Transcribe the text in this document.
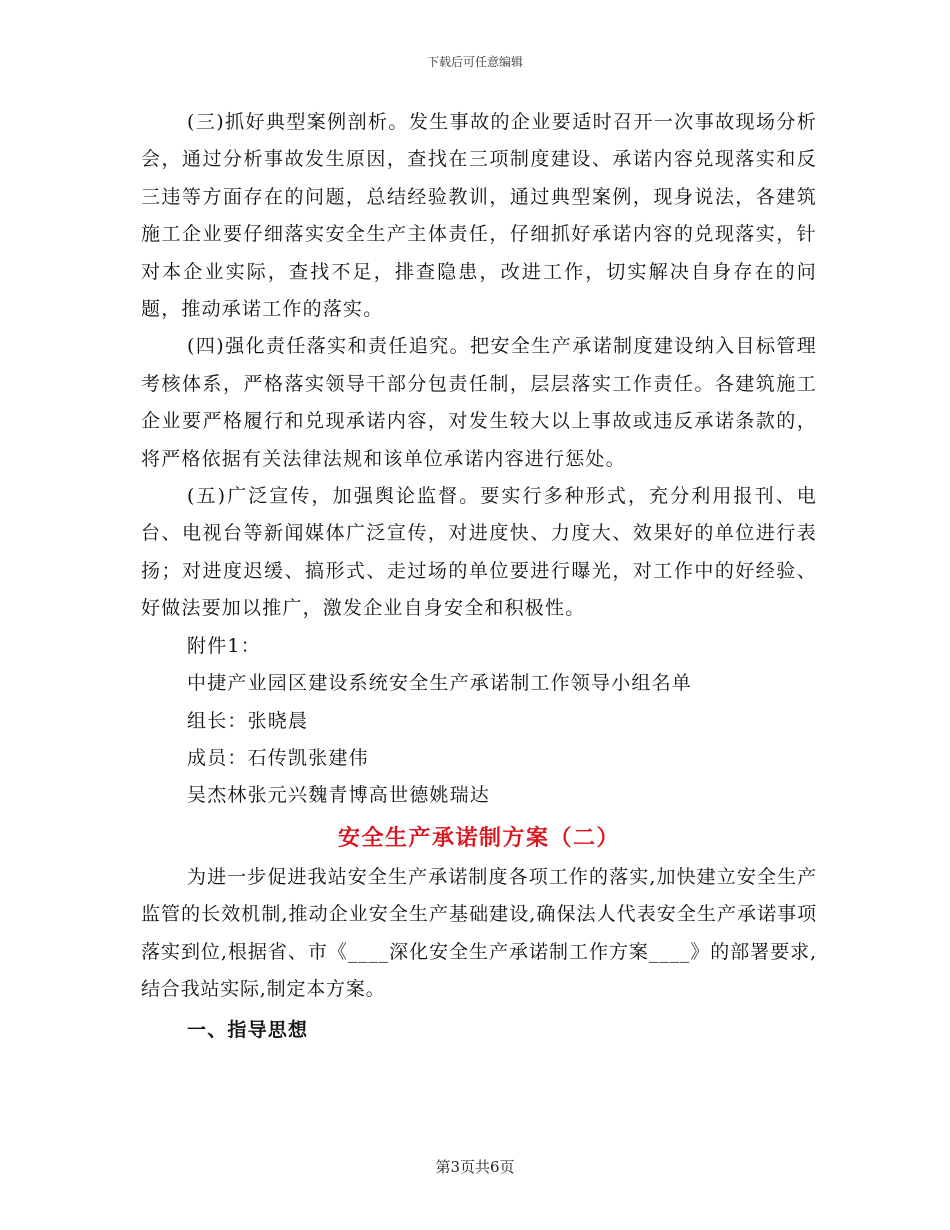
下载后可任意编辑

(三)抓好典型案例剖析。发生事故的企业要适时召开一次事故现场分析会，通过分析事故发生原因，查找在三项制度建设、承诺内容兑现落实和反三违等方面存在的问题，总结经验教训，通过典型案例，现身说法，各建筑施工企业要仔细落实安全生产主体责任，仔细抓好承诺内容的兑现落实，针对本企业实际，查找不足，排查隐患，改进工作，切实解决自身存在的问题，推动承诺工作的落实。

(四)强化责任落实和责任追究。把安全生产承诺制度建设纳入目标管理考核体系，严格落实领导干部分包责任制，层层落实工作责任。各建筑施工企业要严格履行和兑现承诺内容，对发生较大以上事故或违反承诺条款的，将严格依据有关法律法规和该单位承诺内容进行惩处。

(五)广泛宣传，加强舆论监督。要实行多种形式，充分利用报刊、电台、电视台等新闻媒体广泛宣传，对进度快、力度大、效果好的单位进行表扬；对进度迟缓、搞形式、走过场的单位要进行曝光，对工作中的好经验、好做法要加以推广，激发企业自身安全和积极性。

附件1：

中捷产业园区建设系统安全生产承诺制工作领导小组名单

组长：张晓晨

成员：石传凯张建伟

吴杰林张元兴魏青博高世德姚瑞达

安全生产承诺制方案（二）

为进一步促进我站安全生产承诺制度各项工作的落实,加快建立安全生产监管的长效机制,推动企业安全生产基础建设,确保法人代表安全生产承诺事项落实到位,根据省、市《____深化安全生产承诺制工作方案____》的部署要求,结合我站实际,制定本方案。

一、指导思想
第3页共6页
